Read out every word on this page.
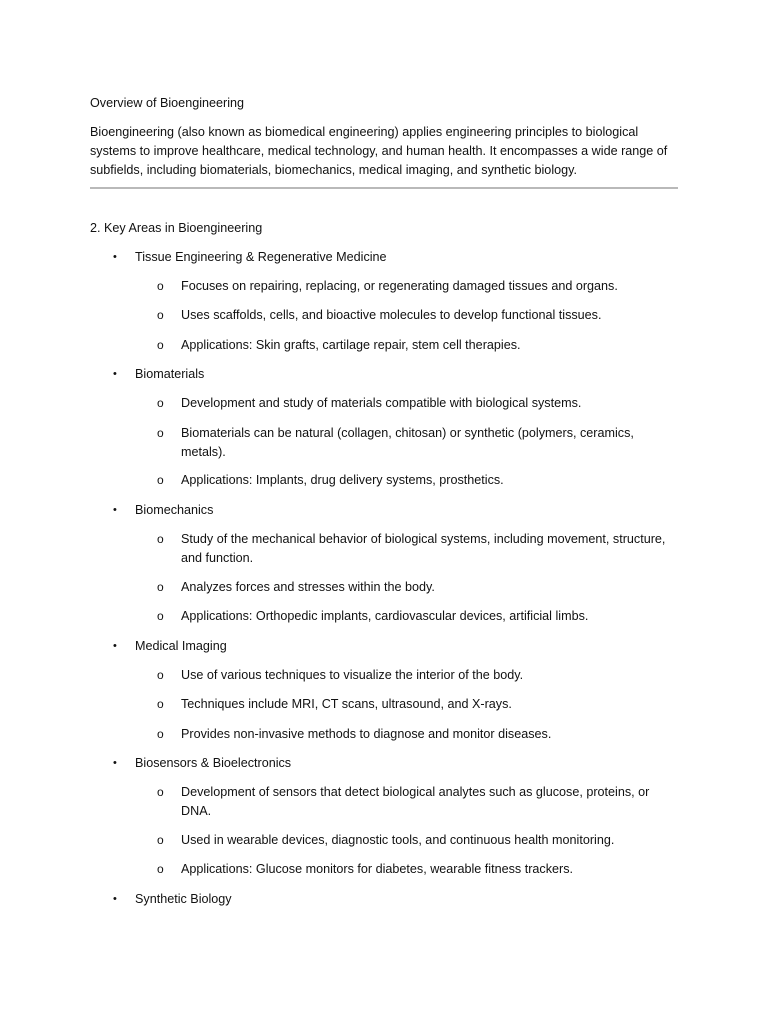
Overview of Bioengineering
Bioengineering (also known as biomedical engineering) applies engineering principles to biological systems to improve healthcare, medical technology, and human health. It encompasses a wide range of subfields, including biomaterials, biomechanics, medical imaging, and synthetic biology.
2. Key Areas in Bioengineering
•	Tissue Engineering & Regenerative Medicine
o	Focuses on repairing, replacing, or regenerating damaged tissues and organs.
o	Uses scaffolds, cells, and bioactive molecules to develop functional tissues.
o	Applications: Skin grafts, cartilage repair, stem cell therapies.
•	Biomaterials
o	Development and study of materials compatible with biological systems.
o	Biomaterials can be natural (collagen, chitosan) or synthetic (polymers, ceramics, metals).
o	Applications: Implants, drug delivery systems, prosthetics.
•	Biomechanics
o	Study of the mechanical behavior of biological systems, including movement, structure, and function.
o	Analyzes forces and stresses within the body.
o	Applications: Orthopedic implants, cardiovascular devices, artificial limbs.
•	Medical Imaging
o	Use of various techniques to visualize the interior of the body.
o	Techniques include MRI, CT scans, ultrasound, and X-rays.
o	Provides non-invasive methods to diagnose and monitor diseases.
•	Biosensors & Bioelectronics
o	Development of sensors that detect biological analytes such as glucose, proteins, or DNA.
o	Used in wearable devices, diagnostic tools, and continuous health monitoring.
o	Applications: Glucose monitors for diabetes, wearable fitness trackers.
•	Synthetic Biology
